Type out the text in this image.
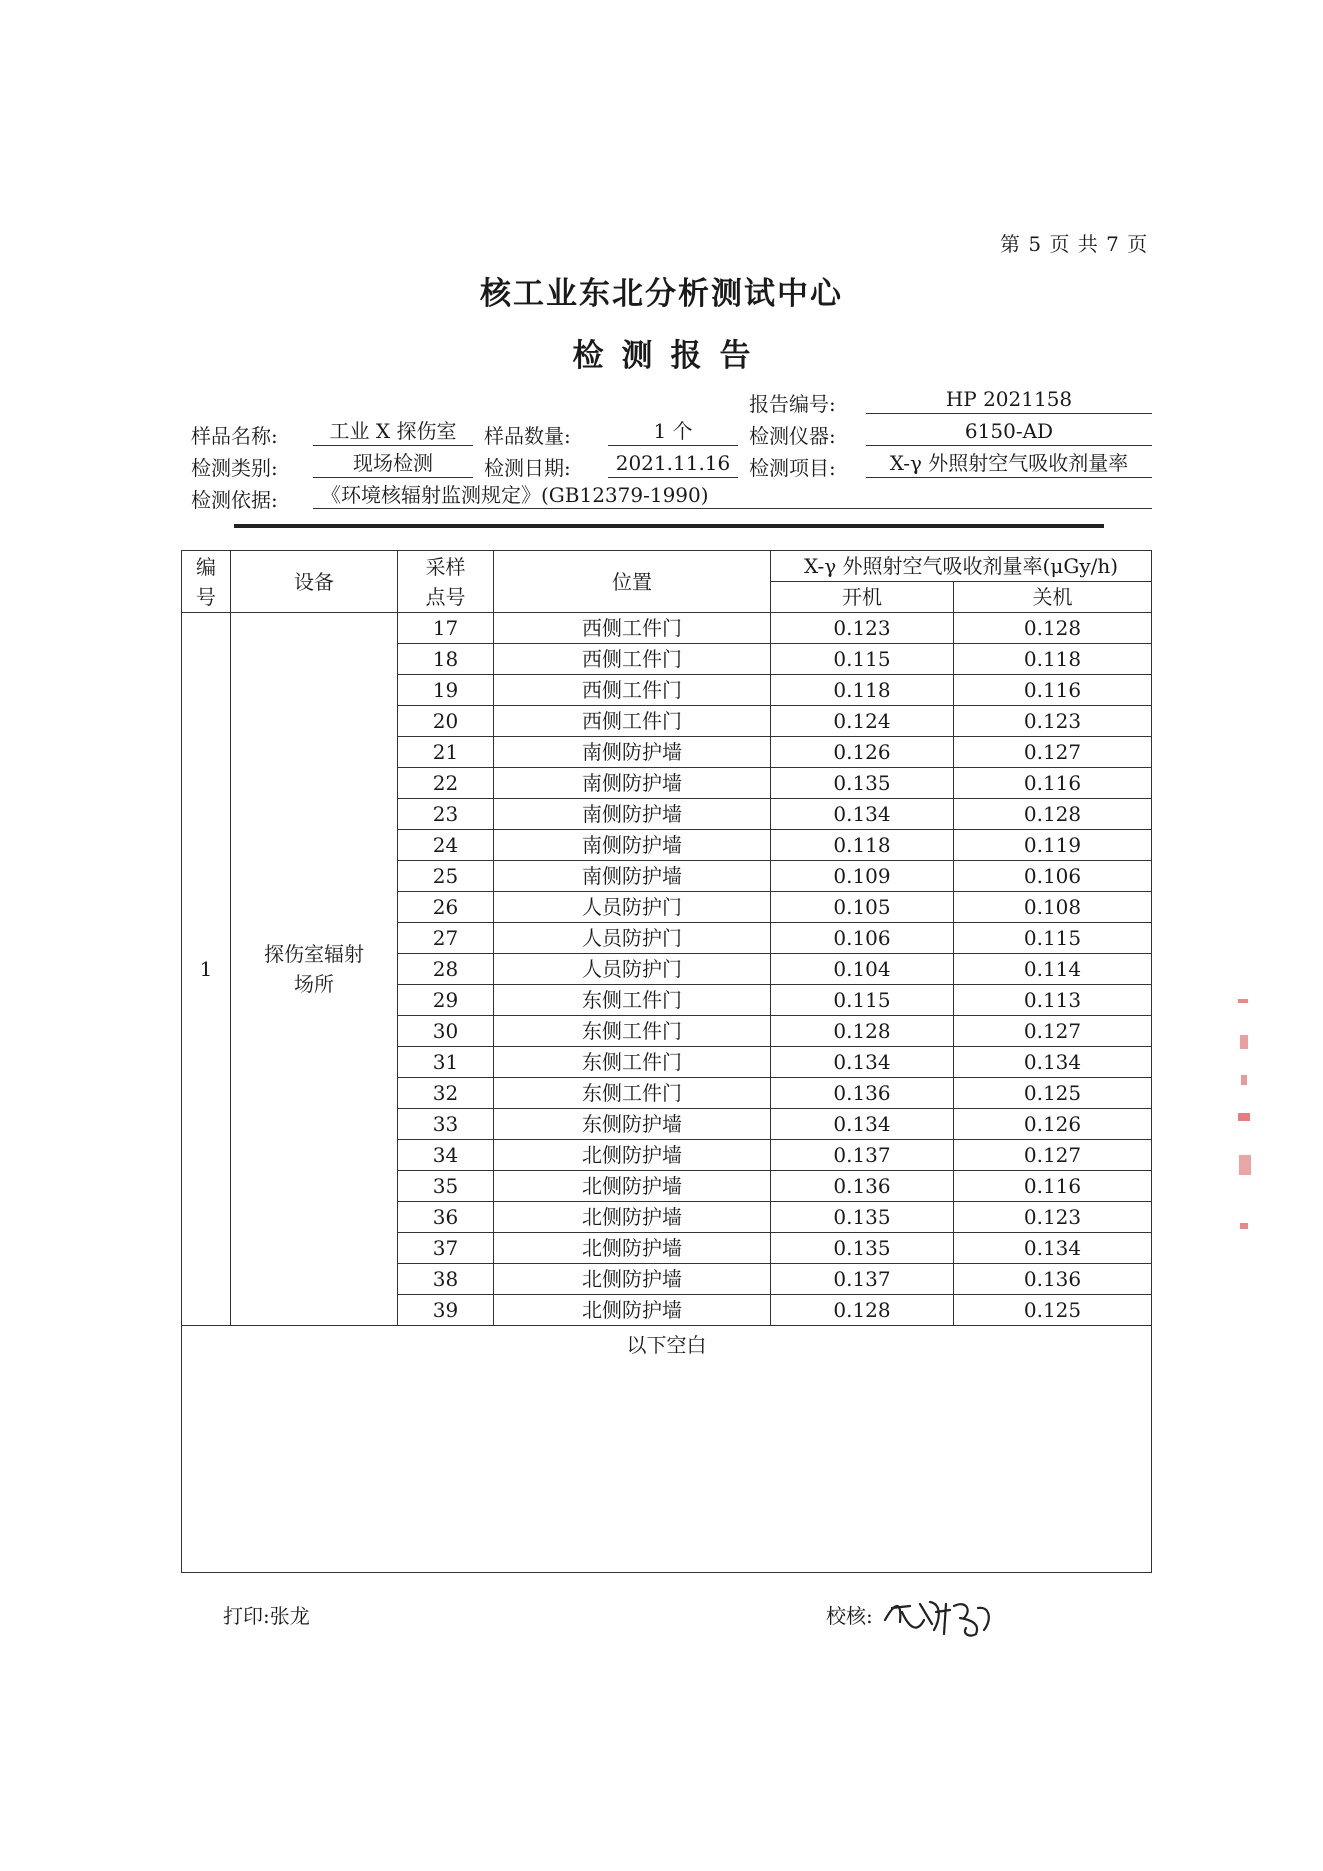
第 5 页 共 7 页
核工业东北分析测试中心
检测报告
报告编号:	HP 2021158
样品名称:	工业 X 探伤室	样品数量:	1 个	检测仪器:	6150-AD
检测类别:	现场检测	检测日期:	2021.11.16 检测项目:	X-γ 外照射空气吸收剂量率
检测依据:	《环境核辐射监测规定》(GB12379-1990)
编号	设备	采样点号	位置	X-γ 外照射空气吸收剂量率(μGy/h)	
				开机	关机
1	探伤室辐射场所	17	西侧工件门	0.123	0.128
		18	西侧工件门	0.115	0.118
		19	西侧工件门	0.118	0.116
		20	西侧工件门	0.124	0.123
		21	南侧防护墙	0.126	0.127
		22	南侧防护墙	0.135	0.116
		23	南侧防护墙	0.134	0.128
		24	南侧防护墙	0.118	0.119
		25	南侧防护墙	0.109	0.106
		26	人员防护门	0.105	0.108
		27	人员防护门	0.106	0.115
		28	人员防护门	0.104	0.114
		29	东侧工件门	0.115	0.113
		30	东侧工件门	0.128	0.127
		31	东侧工件门	0.134	0.134
		32	东侧工件门	0.136	0.125
		33	东侧防护墙	0.134	0.126
		34	北侧防护墙	0.137	0.127
		35	北侧防护墙	0.136	0.116
		36	北侧防护墙	0.135	0.123
		37	北侧防护墙	0.135	0.134
		38	北侧防护墙	0.137	0.136
		39	北侧防护墙	0.128	0.125
以下空白					
打印:张龙	校核:
